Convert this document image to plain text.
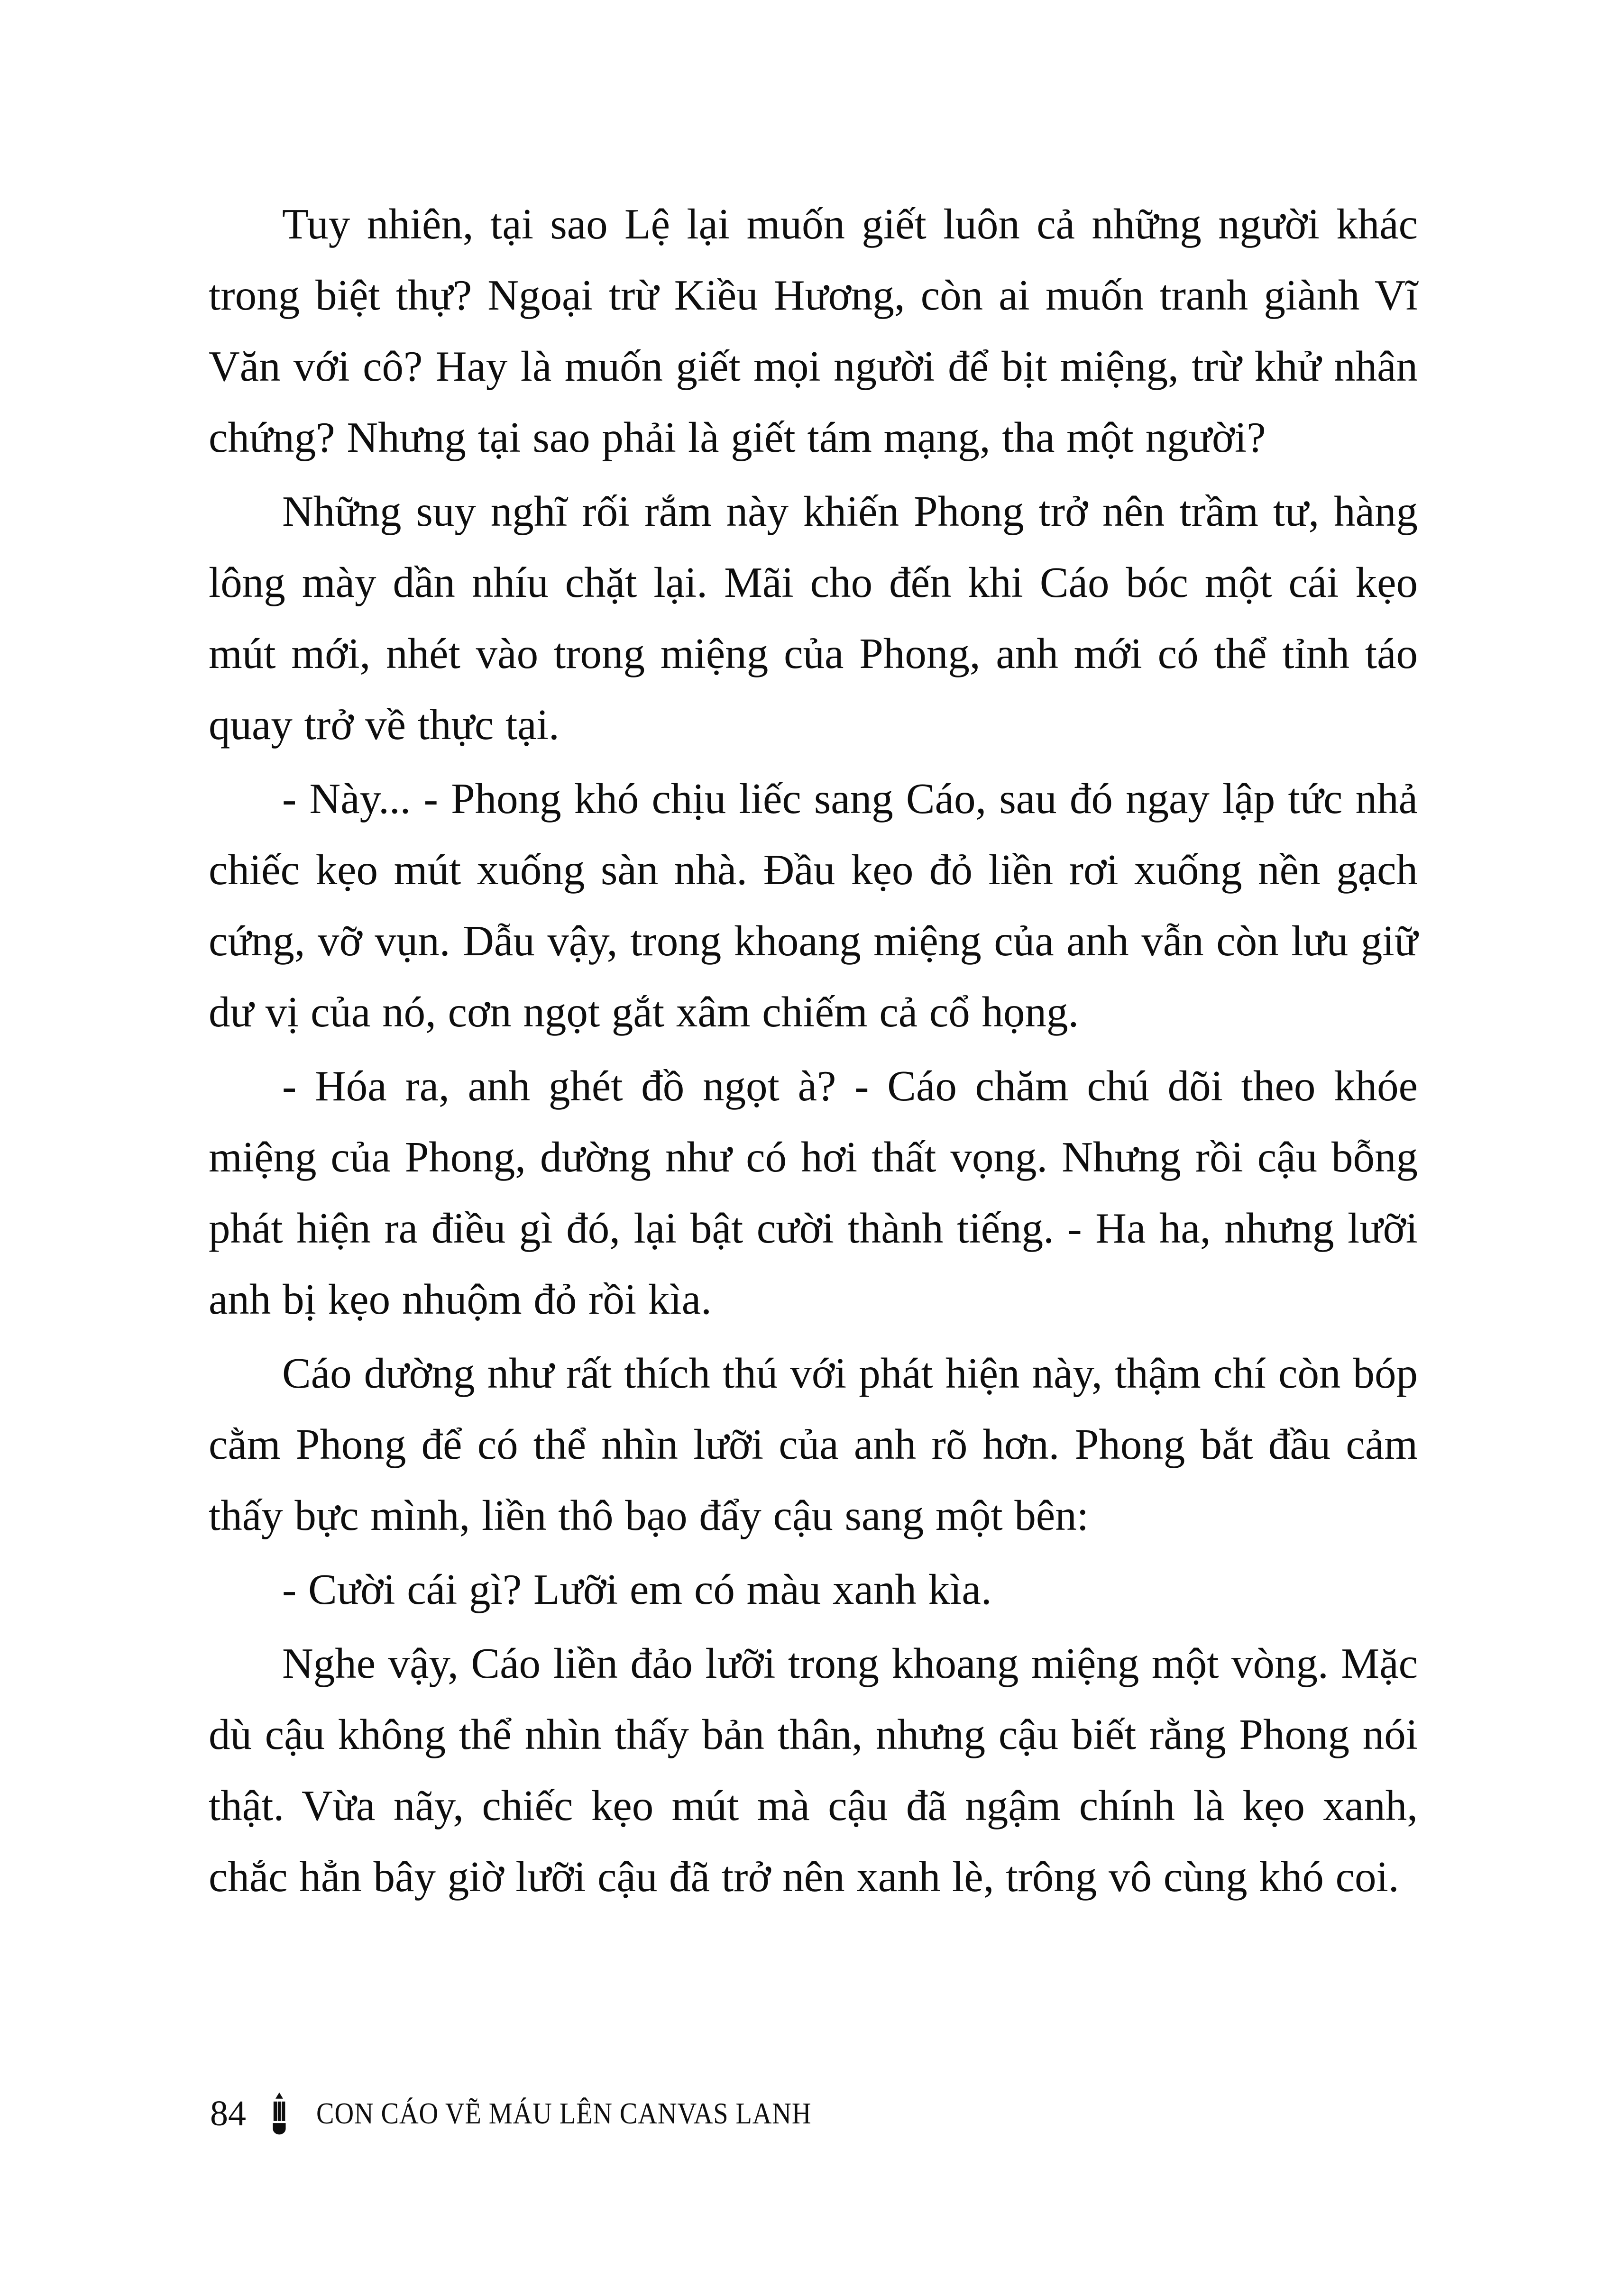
Tuy nhiên, tại sao Lệ lại muốn giết luôn cả những người khác trong biệt thự? Ngoại trừ Kiều Hương, còn ai muốn tranh giành Vĩ Văn với cô? Hay là muốn giết mọi người để bịt miệng, trừ khử nhân chứng? Nhưng tại sao phải là giết tám mạng, tha một người?

Những suy nghĩ rối rắm này khiến Phong trở nên trầm tư, hàng lông mày dần nhíu chặt lại. Mãi cho đến khi Cáo bóc một cái kẹo mút mới, nhét vào trong miệng của Phong, anh mới có thể tỉnh táo quay trở về thực tại.

- Này... - Phong khó chịu liếc sang Cáo, sau đó ngay lập tức nhả chiếc kẹo mút xuống sàn nhà. Đầu kẹo đỏ liền rơi xuống nền gạch cứng, vỡ vụn. Dẫu vậy, trong khoang miệng của anh vẫn còn lưu giữ dư vị của nó, cơn ngọt gắt xâm chiếm cả cổ họng.

- Hóa ra, anh ghét đồ ngọt à? - Cáo chăm chú dõi theo khóe miệng của Phong, dường như có hơi thất vọng. Nhưng rồi cậu bỗng phát hiện ra điều gì đó, lại bật cười thành tiếng. - Ha ha, nhưng lưỡi anh bị kẹo nhuộm đỏ rồi kìa.

Cáo dường như rất thích thú với phát hiện này, thậm chí còn bóp cằm Phong để có thể nhìn lưỡi của anh rõ hơn. Phong bắt đầu cảm thấy bực mình, liền thô bạo đẩy cậu sang một bên:

- Cười cái gì? Lưỡi em có màu xanh kìa.

Nghe vậy, Cáo liền đảo lưỡi trong khoang miệng một vòng. Mặc dù cậu không thể nhìn thấy bản thân, nhưng cậu biết rằng Phong nói thật. Vừa nãy, chiếc kẹo mút mà cậu đã ngậm chính là kẹo xanh, chắc hẳn bây giờ lưỡi cậu đã trở nên xanh lè, trông vô cùng khó coi.

84 CON CÁO VẼ MÁU LÊN CANVAS LANH
